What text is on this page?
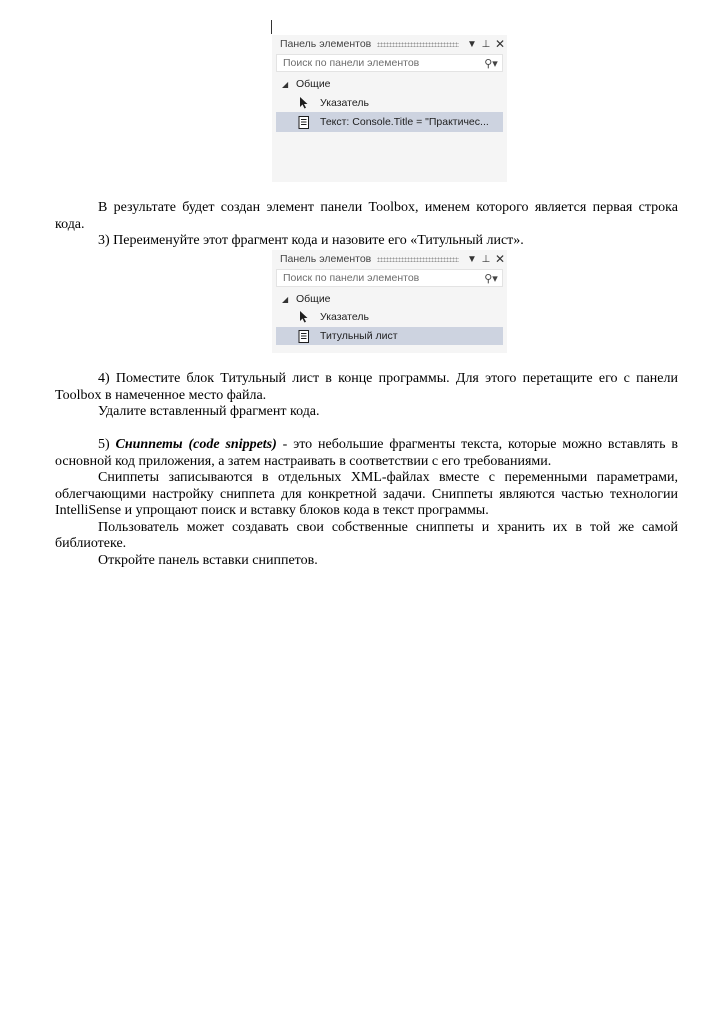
Панель элементов	▼ ⊥ ✕
Поиск по панели элементов	⚲▾
◢ Общие
Указатель
Текст: Console.Title = "Практичес...

В результате будет создан элемент панели Toolbox, именем которого является первая строка кода.

3) Переименуйте этот фрагмент кода и назовите его «Титульный лист».

Панель элементов	▼ ⊥ ✕
Поиск по панели элементов	⚲▾
◢ Общие
Указатель
Титульный лист

4) Поместите блок Титульный лист в конце программы. Для этого перетащите его с панели Toolbox в намеченное место файла.

Удалите вставленный фрагмент кода.

5) Сниппеты (code snippets) - это небольшие фрагменты текста, которые можно вставлять в основной код приложения, а затем настраивать в соответствии с его требованиями.

Сниппеты записываются в отдельных XML-файлах вместе с переменными параметрами, облегчающими настройку сниппета для конкретной задачи. Сниппеты являются частью технологии IntelliSense и упрощают поиск и вставку блоков кода в текст программы.

Пользователь может создавать свои собственные сниппеты и хранить их в той же самой библиотеке.

Откройте панель вставки сниппетов.
